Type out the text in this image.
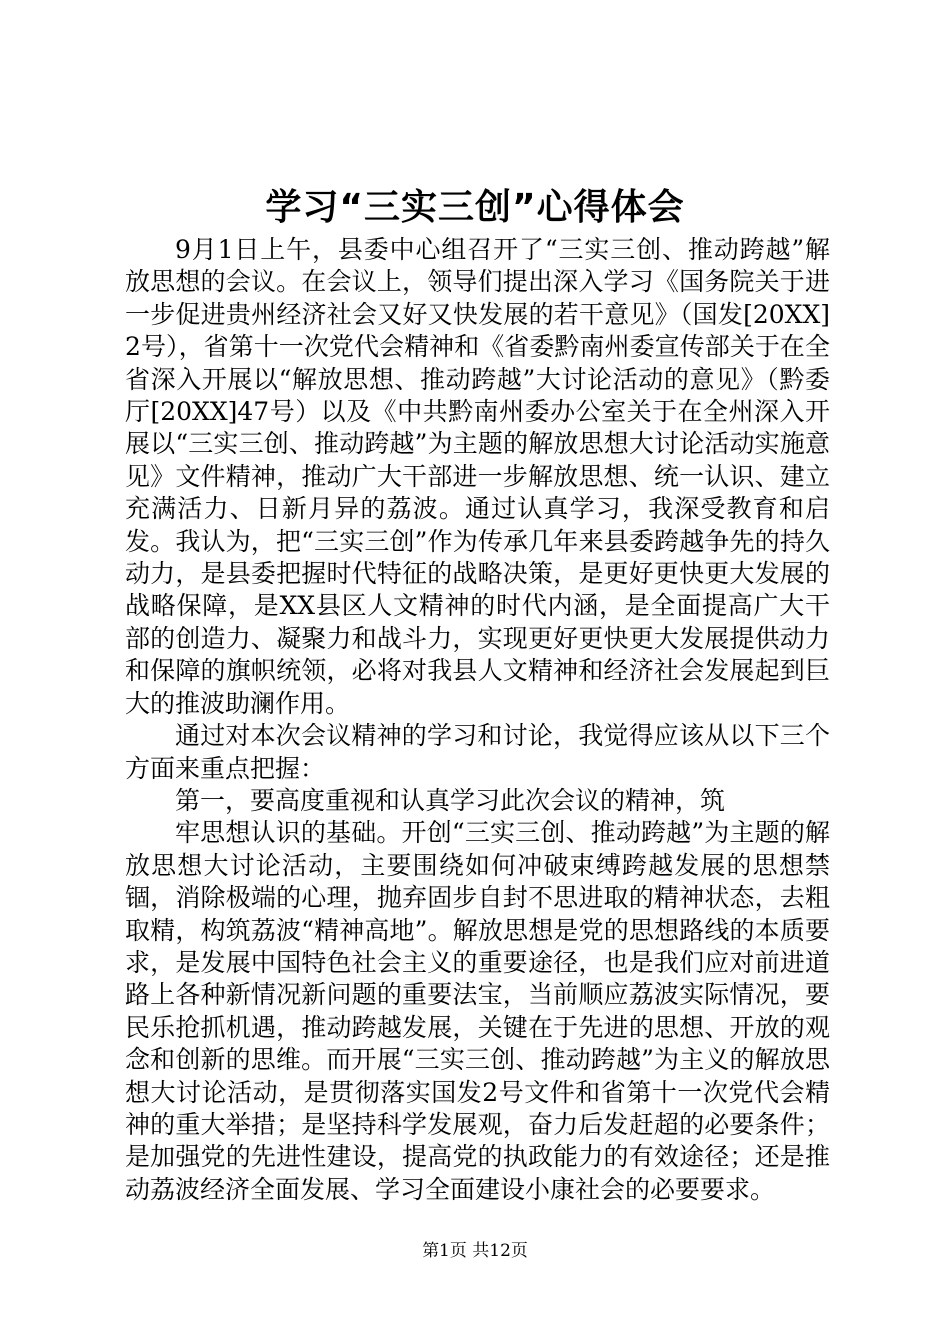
学习“三实三创”心得体会

9月1日上午，县委中心组召开了“三实三创、推动跨越”解放思想的会议。在会议上，领导们提出深入学习《国务院关于进一步促进贵州经济社会又好又快发展的若干意见》（国发[20XX]2号），省第十一次党代会精神和《省委黔南州委宣传部关于在全省深入开展以“解放思想、推动跨越”大讨论活动的意见》（黔委厅[20XX]47号）以及《中共黔南州委办公室关于在全州深入开展以“三实三创、推动跨越”为主题的解放思想大讨论活动实施意见》文件精神，推动广大干部进一步解放思想、统一认识、建立充满活力、日新月异的荔波。通过认真学习，我深受教育和启发。我认为，把“三实三创”作为传承几年来县委跨越争先的持久动力，是县委把握时代特征的战略决策，是更好更快更大发展的战略保障，是XX县区人文精神的时代内涵，是全面提高广大干部的创造力、凝聚力和战斗力，实现更好更快更大发展提供动力和保障的旗帜统领，必将对我县人文精神和经济社会发展起到巨大的推波助澜作用。

通过对本次会议精神的学习和讨论，我觉得应该从以下三个方面来重点把握：

第一，要高度重视和认真学习此次会议的精神，筑

牢思想认识的基础。开创“三实三创、推动跨越”为主题的解放思想大讨论活动，主要围绕如何冲破束缚跨越发展的思想禁锢，消除极端的心理，抛弃固步自封不思进取的精神状态，去粗取精，构筑荔波“精神高地”。解放思想是党的思想路线的本质要求，是发展中国特色社会主义的重要途径，也是我们应对前进道路上各种新情况新问题的重要法宝，当前顺应荔波实际情况，要民乐抢抓机遇，推动跨越发展，关键在于先进的思想、开放的观念和创新的思维。而开展“三实三创、推动跨越”为主义的解放思想大讨论活动，是贯彻落实国发2号文件和省第十一次党代会精神的重大举措；是坚持科学发展观，奋力后发赶超的必要条件；是加强党的先进性建设，提高党的执政能力的有效途径；还是推动荔波经济全面发展、学习全面建设小康社会的必要要求。

第1页 共12页
